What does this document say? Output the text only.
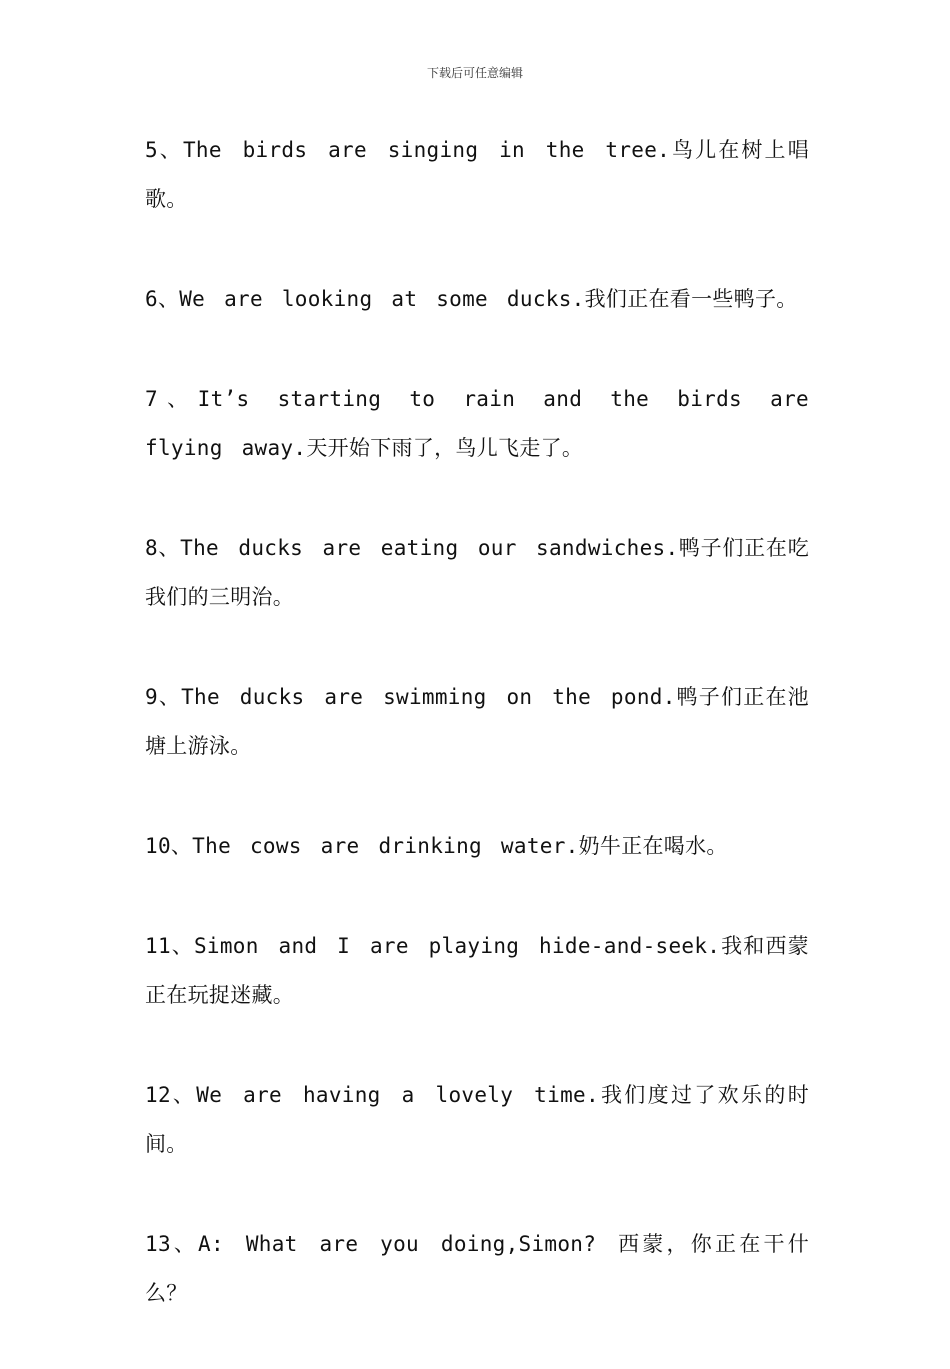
下载后可任意编辑

5、The birds are singing in the tree.鸟儿在树上唱歌。

6、We are looking at some ducks.我们正在看一些鸭子。

7、It’s starting to rain and the birds are flying away.天开始下雨了，鸟儿飞走了。

8、The ducks are eating our sandwiches.鸭子们正在吃我们的三明治。

9、The ducks are swimming on the pond.鸭子们正在池塘上游泳。

10、The cows are drinking water.奶牛正在喝水。

11、Simon and I are playing hide-and-seek.我和西蒙正在玩捉迷藏。

12、We are having a lovely time.我们度过了欢乐的时间。

13、A: What are you doing,Simon? 西蒙，你正在干什么？
